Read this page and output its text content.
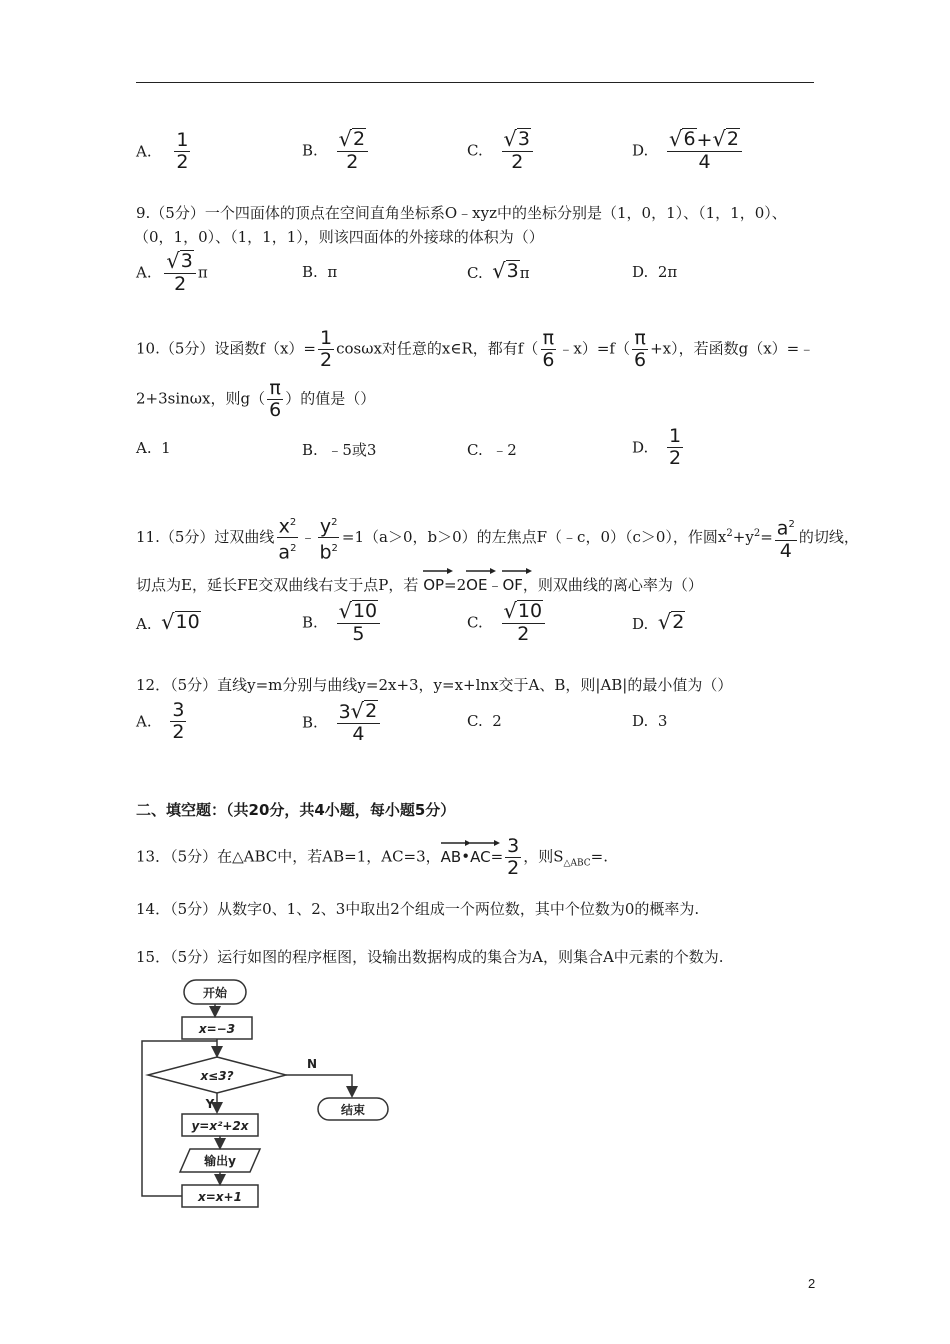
A. $\frac{1}{2}$	B. $\frac{√ 2}{2}$	C. $\frac{√ 3}{2}$	D. $\frac{√ 6 + √ 2}{4}$
9.（5分）一个四面体的顶点在空间直角坐标系O﹣xyz中的坐标分别是（1，0，1）、（1，1，0）、
（0，1，0）、（1，1，1），则该四面体的外接球的体积为（）
A. $\frac{√ 3}{2}$ π	B. π	C. √ 3 π	D. 2π
10.（5分）设函数$f(x)= \frac{1}{2}$ cosωx对任意的x∈R，都有$f( \frac{\pi}{6}$ ﹣x）=f（ $\frac{\pi}{6} +x$），若函数g（x）=﹣
2+3sinωx，则$g( \frac{\pi}{6}$ ）的值是（）
A. 1	B. ﹣5或3	C. ﹣2	D. $\frac{1}{2}$
11.（5分）过双曲线 $\frac{x^2}{a^2}$ ﹣ $\frac{y^2}{b^2} =1(a>0$，b＞0）的左焦点F（﹣c，0）（c＞0），作圆$x^2+y^2= \frac{a^2}{4}$ 的切线，
切点为E，延长FE交双曲线右支于点P，若 OP=2
OE﹣
OF，则双曲线的离心率为（）
A. √ 10	B. $\frac{√ 10}{5}$	C. $\frac{√ 10}{2}$	D. √ 2
12．（5分）直线y=m分别与曲线y=2x+3，y=x+lnx交于A、B，则|AB|的最小值为（）
A. $\frac{3}{2}$	B. $\frac{3 √ 2}{4}$	C. 2	D. 3
二、填空题：（共20分，共4小题，每小题5分）
13．（5分）在△ABC中，若AB=1，AC=3，
AB•
$AC= \frac{3}{2}$ ，则$S_{\triangle ABC}=$.
14．（5分）从数字0、1、2、3中取出2个组成一个两位数，其中个位数为0的概率为.
15．（5分）运行如图的程序框图，设输出数据构成的集合为A，则集合A中元素的个数为.
开始
x=−3
x≤3?
N
Y	结束
y=x²+2x
输出y
x=x+1
2
